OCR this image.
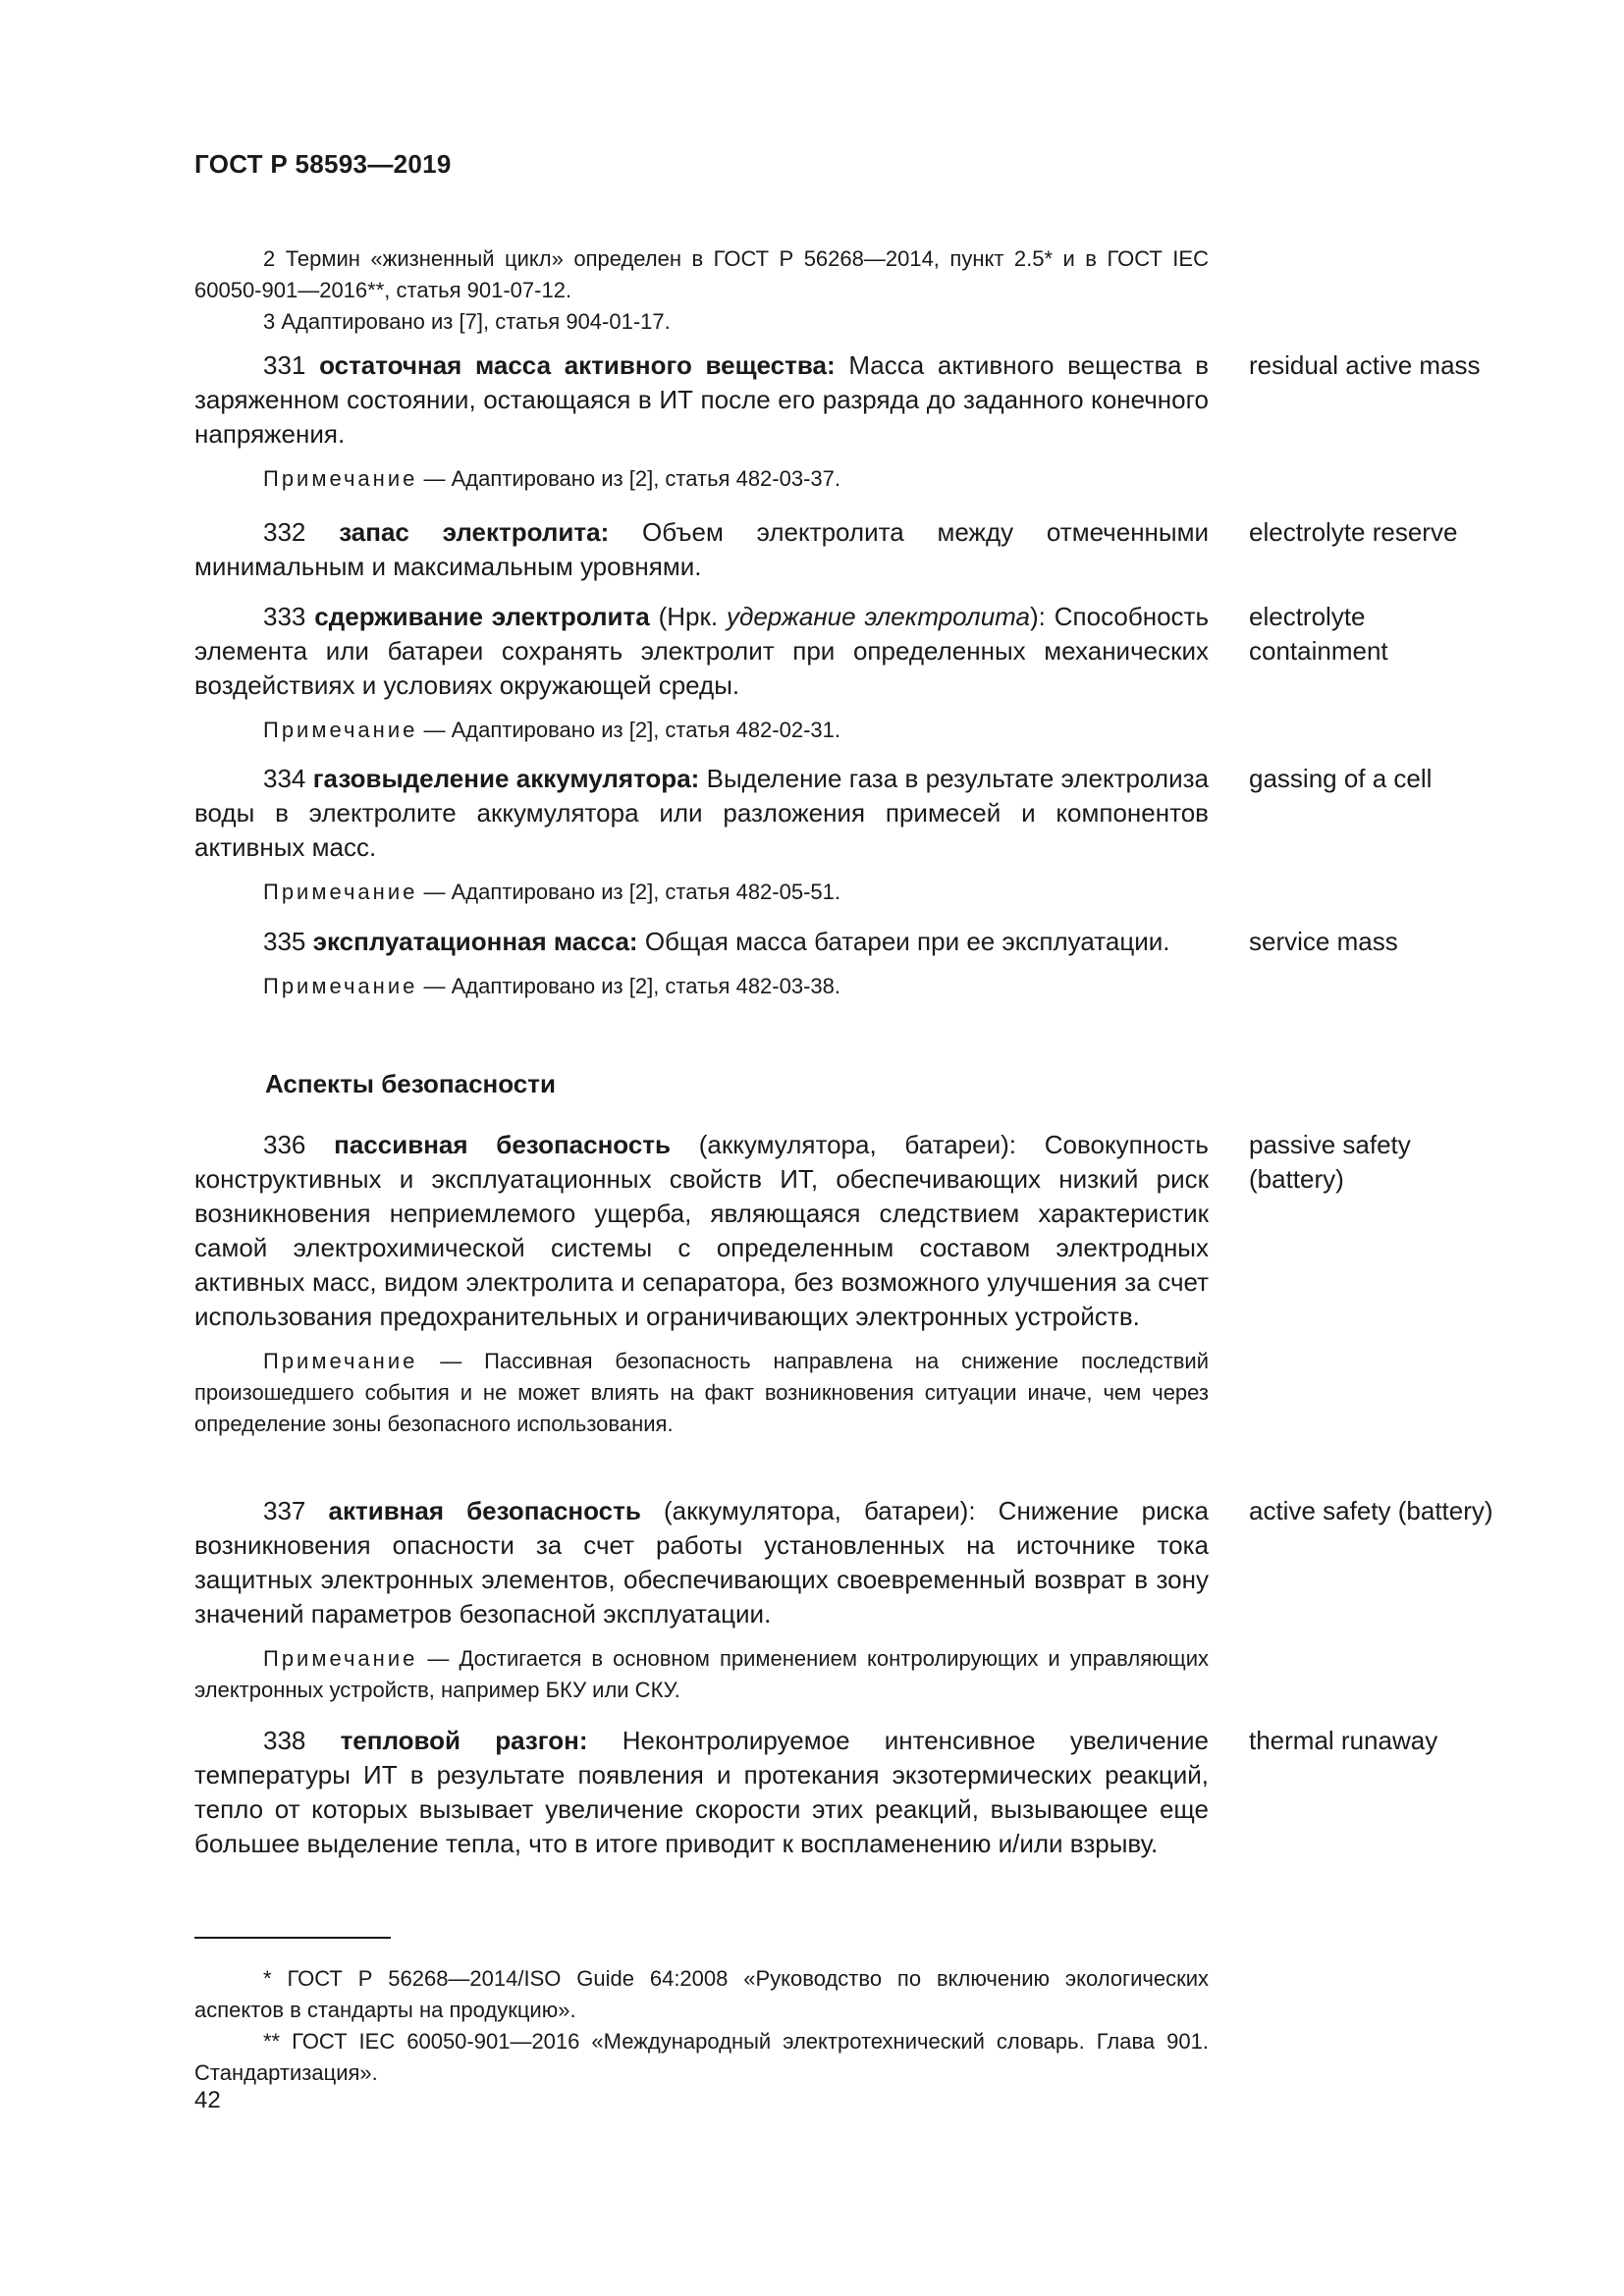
ГОСТ Р 58593—2019

2 Термин «жизненный цикл» определен в ГОСТ Р 56268—2014, пункт 2.5* и в ГОСТ IEC 60050-901—2016**, статья 901-07-12.

3 Адаптировано из [7], статья 904-01-17.

331 остаточная масса активного вещества: Масса активного вещества в заряженном состоянии, остающаяся в ИТ после его разряда до заданного конечного напряжения.

Примечание — Адаптировано из [2], статья 482-03-37.

residual active mass

332 запас электролита: Объем электролита между отмеченными минимальным и максимальным уровнями.

electrolyte reserve

333 сдерживание электролита (Нрк. удержание электролита): Способность элемента или батареи сохранять электролит при определенных механических воздействиях и условиях окружающей среды.

Примечание — Адаптировано из [2], статья 482-02-31.

electrolyte containment

334 газовыделение аккумулятора: Выделение газа в результате электролиза воды в электролите аккумулятора или разложения примесей и компонентов активных масс.

Примечание — Адаптировано из [2], статья 482-05-51.

gassing of a cell

335 эксплуатационная масса: Общая масса батареи при ее эксплуатации.

Примечание — Адаптировано из [2], статья 482-03-38.

service mass
Аспекты безопасности

336 пассивная безопасность (аккумулятора, батареи): Совокупность конструктивных и эксплуатационных свойств ИТ, обеспечивающих низкий риск возникновения неприемлемого ущерба, являющаяся следствием характеристик самой электрохимической системы с определенным составом электродных активных масс, видом электролита и сепаратора, без возможного улучшения за счет использования предохранительных и ограничивающих электронных устройств.

Примечание — Пассивная безопасность направлена на снижение последствий произошедшего события и не может влиять на факт возникновения ситуации иначе, чем через определение зоны безопасного использования.

passive safety (battery)

337 активная безопасность (аккумулятора, батареи): Снижение риска возникновения опасности за счет работы установленных на источнике тока защитных электронных элементов, обеспечивающих своевременный возврат в зону значений параметров безопасной эксплуатации.

Примечание — Достигается в основном применением контролирующих и управляющих электронных устройств, например БКУ или СКУ.

active safety (battery)

338 тепловой разгон: Неконтролируемое интенсивное увеличение температуры ИТ в результате появления и протекания экзотермических реакций, тепло от которых вызывает увеличение скорости этих реакций, вызывающее еще большее выделение тепла, что в итоге приводит к воспламенению и/или взрыву.

thermal runaway

* ГОСТ Р 56268—2014/ISO Guide 64:2008 «Руководство по включению экологических аспектов в стандарты на продукцию».

** ГОСТ IEC 60050-901—2016 «Международный электротехнический словарь. Глава 901. Стандартизация».

42
